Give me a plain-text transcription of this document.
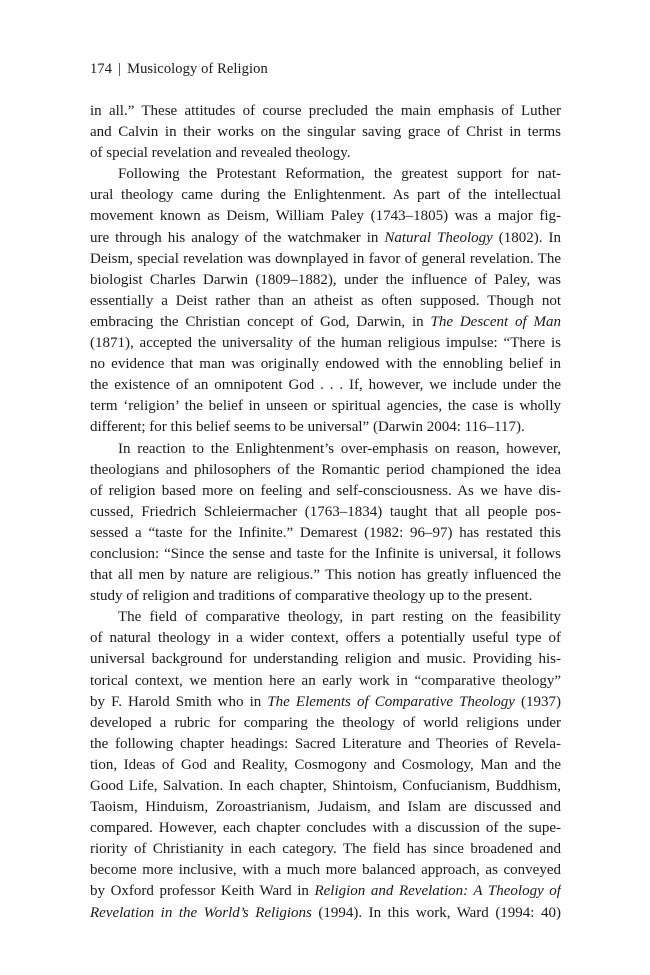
174 | Musicology of Religion
in all.” These attitudes of course precluded the main emphasis of Luther
and Calvin in their works on the singular saving grace of Christ in terms
of special revelation and revealed theology.
Following the Protestant Reformation, the greatest support for nat-
ural theology came during the Enlightenment. As part of the intellectual
movement known as Deism, William Paley (1743–1805) was a major fig-
ure through his analogy of the watchmaker in Natural Theology (1802). In
Deism, special revelation was downplayed in favor of general revelation. The
biologist Charles Darwin (1809–1882), under the influence of Paley, was
essentially a Deist rather than an atheist as often supposed. Though not
embracing the Christian concept of God, Darwin, in The Descent of Man
(1871), accepted the universality of the human religious impulse: “There is
no evidence that man was originally endowed with the ennobling belief in
the existence of an omnipotent God . . . If, however, we include under the
term ‘religion’ the belief in unseen or spiritual agencies, the case is wholly
different; for this belief seems to be universal” (Darwin 2004: 116–117).
In reaction to the Enlightenment’s over-emphasis on reason, however,
theologians and philosophers of the Romantic period championed the idea
of religion based more on feeling and self-consciousness. As we have dis-
cussed, Friedrich Schleiermacher (1763–1834) taught that all people pos-
sessed a “taste for the Infinite.” Demarest (1982: 96–97) has restated this
conclusion: “Since the sense and taste for the Infinite is universal, it follows
that all men by nature are religious.” This notion has greatly influenced the
study of religion and traditions of comparative theology up to the present.
The field of comparative theology, in part resting on the feasibility
of natural theology in a wider context, offers a potentially useful type of
universal background for understanding religion and music. Providing his-
torical context, we mention here an early work in “comparative theology”
by F. Harold Smith who in The Elements of Comparative Theology (1937)
developed a rubric for comparing the theology of world religions under
the following chapter headings: Sacred Literature and Theories of Revela-
tion, Ideas of God and Reality, Cosmogony and Cosmology, Man and the
Good Life, Salvation. In each chapter, Shintoism, Confucianism, Buddhism,
Taoism, Hinduism, Zoroastrianism, Judaism, and Islam are discussed and
compared. However, each chapter concludes with a discussion of the supe-
riority of Christianity in each category. The field has since broadened and
become more inclusive, with a much more balanced approach, as conveyed
by Oxford professor Keith Ward in Religion and Revelation: A Theology of
Revelation in the World’s Religions (1994). In this work, Ward (1994: 40)
